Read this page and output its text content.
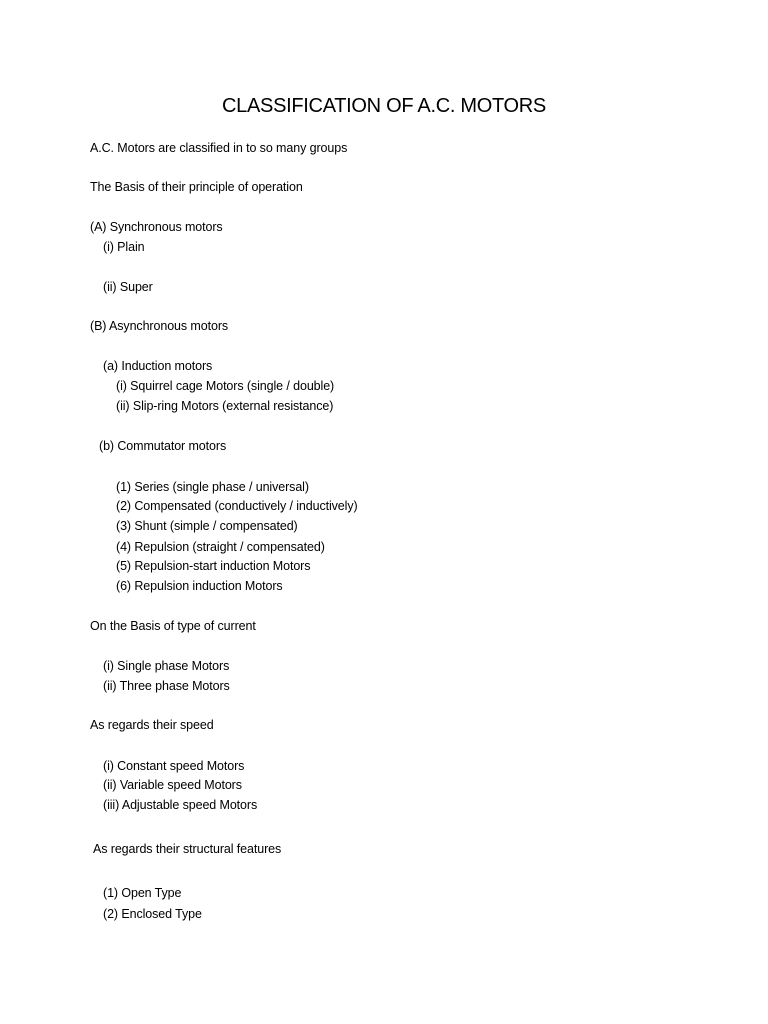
CLASSIFICATION OF A.C. MOTORS
A.C. Motors are classified in to so many groups
The Basis of their principle of operation
(A) Synchronous motors
(i) Plain
(ii) Super
(B) Asynchronous motors
(a) Induction motors
(i) Squirrel cage Motors (single / double)
(ii) Slip-ring Motors (external resistance)
(b) Commutator motors
(1) Series (single phase / universal)
(2) Compensated (conductively / inductively)
(3) Shunt (simple / compensated)
(4) Repulsion (straight / compensated)
(5) Repulsion-start induction Motors
(6) Repulsion induction Motors
On the Basis of type of current
(i) Single phase Motors
(ii) Three phase Motors
As regards their speed
(i) Constant speed Motors
(ii) Variable speed Motors
(iii) Adjustable speed Motors
As regards their structural features
(1) Open Type
(2) Enclosed Type
